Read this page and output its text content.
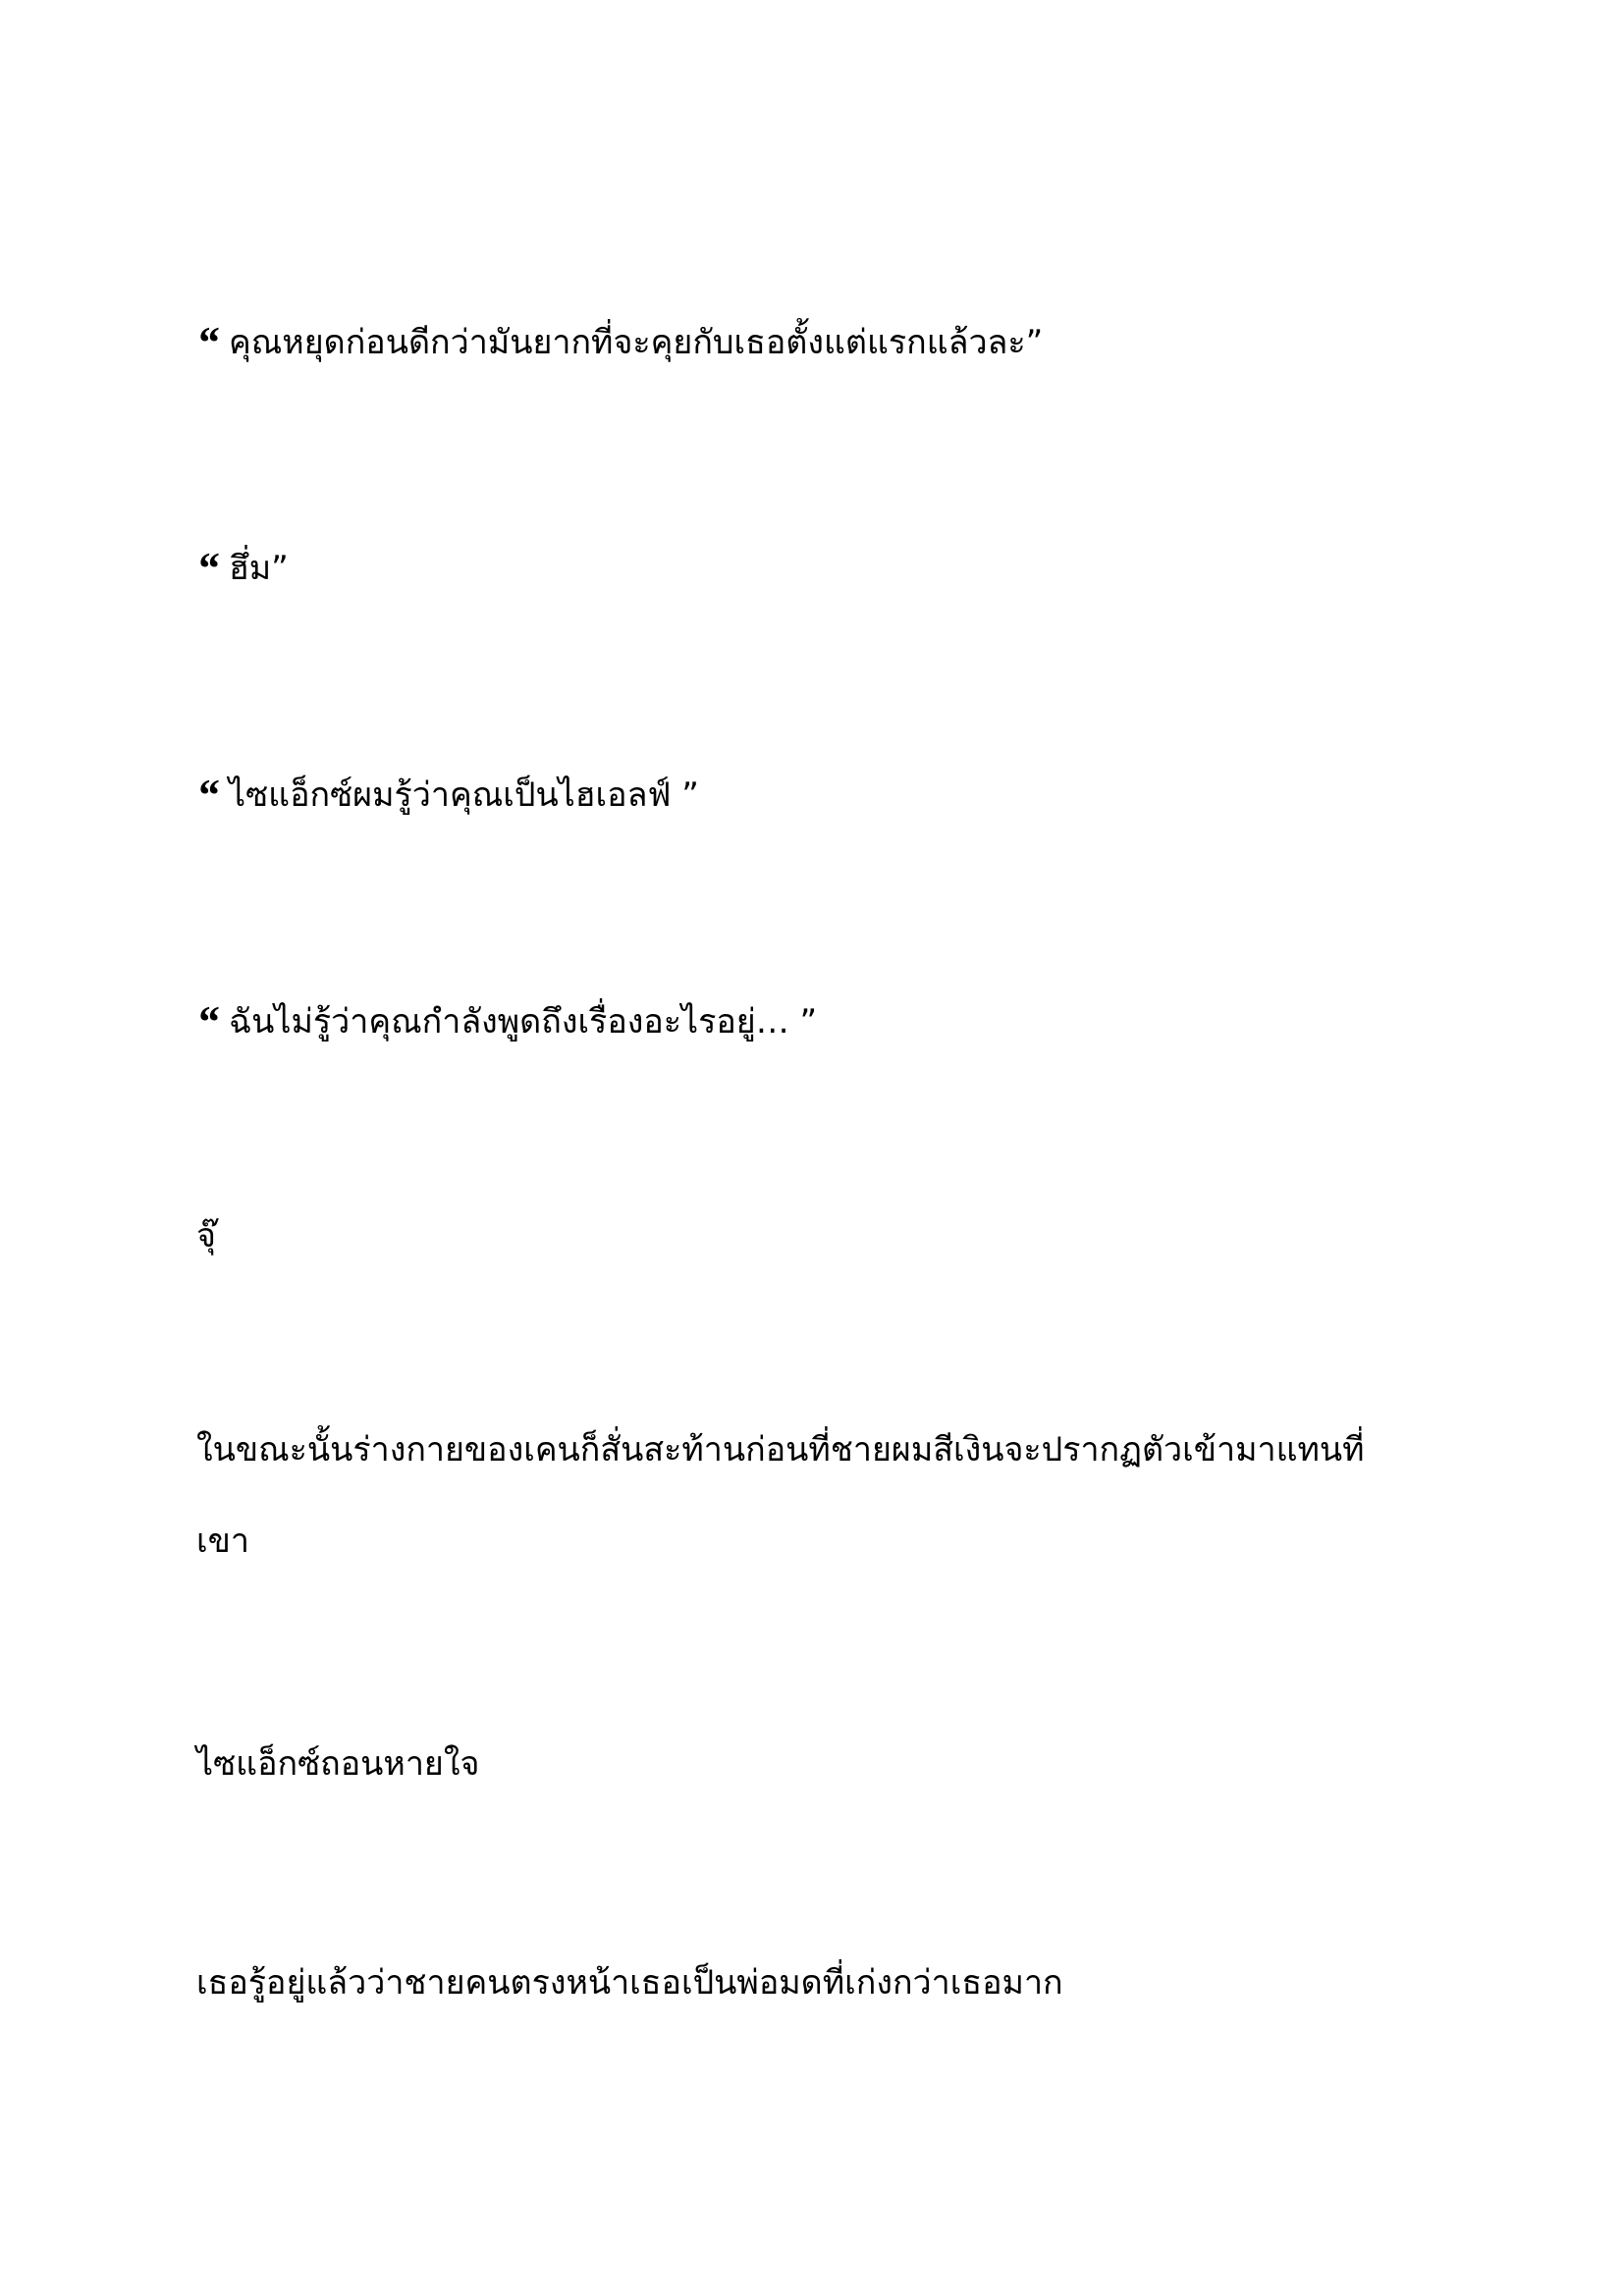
“ คุณหยุดก่อนดีกว่ามันยากที่จะคุยกับเธอตั้งแต่แรกแล้วละ”

“ ฮึ่ม”

“ ไซแอ็กซ์ผมรู้ว่าคุณเป็นไฮเอลฟ์ ”

“ ฉันไม่รู้ว่าคุณกำลังพูดถึงเรื่องอะไรอยู่… ”

จุ๊

ในขณะนั้นร่างกายของเคนก็สั่นสะท้านก่อนที่ชายผมสีเงินจะปรากฏตัวเข้ามาแทนที่

เขา

ไซแอ็กซ์ถอนหายใจ

เธอรู้อยู่แล้วว่าชายคนตรงหน้าเธอเป็นพ่อมดที่เก่งกว่าเธอมาก
